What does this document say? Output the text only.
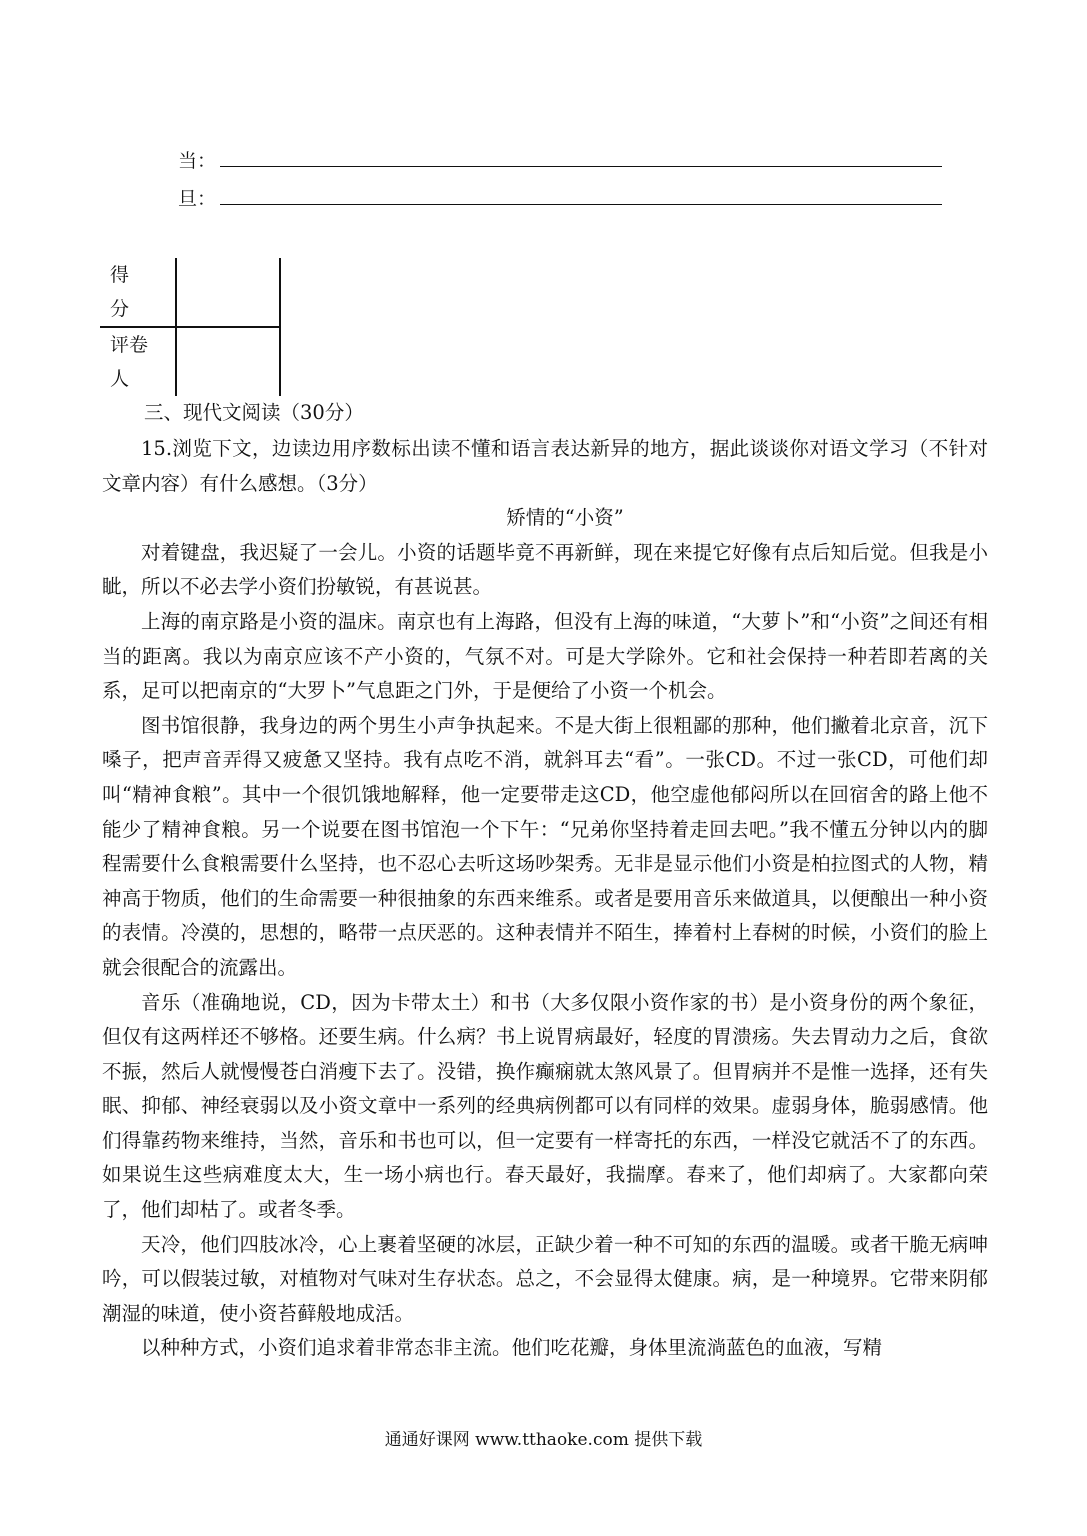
当：
旦：
得
分	
评卷
人	
三、现代文阅读（30分）

15.浏览下文，边读边用序数标出读不懂和语言表达新异的地方，据此谈谈你对语文学习（不针对文章内容）有什么感想。（3分）

矫情的“小资”

对着键盘，我迟疑了一会儿。小资的话题毕竟不再新鲜，现在来提它好像有点后知后觉。但我是小眦，所以不必去学小资们扮敏锐，有甚说甚。

上海的南京路是小资的温床。南京也有上海路，但没有上海的味道，“大萝卜”和“小资”之间还有相当的距离。我以为南京应该不产小资的，气氛不对。可是大学除外。它和社会保持一种若即若离的关系，足可以把南京的“大罗卜”气息距之门外，于是便给了小资一个机会。

图书馆很静，我身边的两个男生小声争执起来。不是大街上很粗鄙的那种，他们撇着北京音，沉下嗓子，把声音弄得又疲惫又坚持。我有点吃不消，就斜耳去“看”。一张CD。不过一张CD，可他们却叫“精神食粮”。其中一个很饥饿地解释，他一定要带走这CD，他空虚他郁闷所以在回宿舍的路上他不能少了精神食粮。另一个说要在图书馆泡一个下午：“兄弟你坚持着走回去吧。”我不懂五分钟以内的脚程需要什么食粮需要什么坚持，也不忍心去听这场吵架秀。无非是显示他们小资是柏拉图式的人物，精神高于物质，他们的生命需要一种很抽象的东西来维系。或者是要用音乐来做道具，以便酿出一种小资的表情。冷漠的，思想的，略带一点厌恶的。这种表情并不陌生，捧着村上春树的时候，小资们的脸上就会很配合的流露出。

音乐（准确地说，CD，因为卡带太土）和书（大多仅限小资作家的书）是小资身份的两个象征，但仅有这两样还不够格。还要生病。什么病？书上说胃病最好，轻度的胃溃疡。失去胃动力之后，食欲不振，然后人就慢慢苍白消瘦下去了。没错，换作癫痫就太煞风景了。但胃病并不是惟一选择，还有失眠、抑郁、神经衰弱以及小资文章中一系列的经典病例都可以有同样的效果。虚弱身体，脆弱感情。他们得靠药物来维持，当然，音乐和书也可以，但一定要有一样寄托的东西，一样没它就活不了的东西。如果说生这些病难度太大，生一场小病也行。春天最好，我揣摩。春来了，他们却病了。大家都向荣了，他们却枯了。或者冬季。

天冷，他们四肢冰冷，心上裹着坚硬的冰层，正缺少着一种不可知的东西的温暖。或者干脆无病呻吟，可以假装过敏，对植物对气味对生存状态。总之，不会显得太健康。病，是一种境界。它带来阴郁潮湿的味道，使小资苔藓般地成活。

以种种方式，小资们追求着非常态非主流。他们吃花瓣，身体里流淌蓝色的血液，写精

通通好课网 www.tthaoke.com 提供下载
